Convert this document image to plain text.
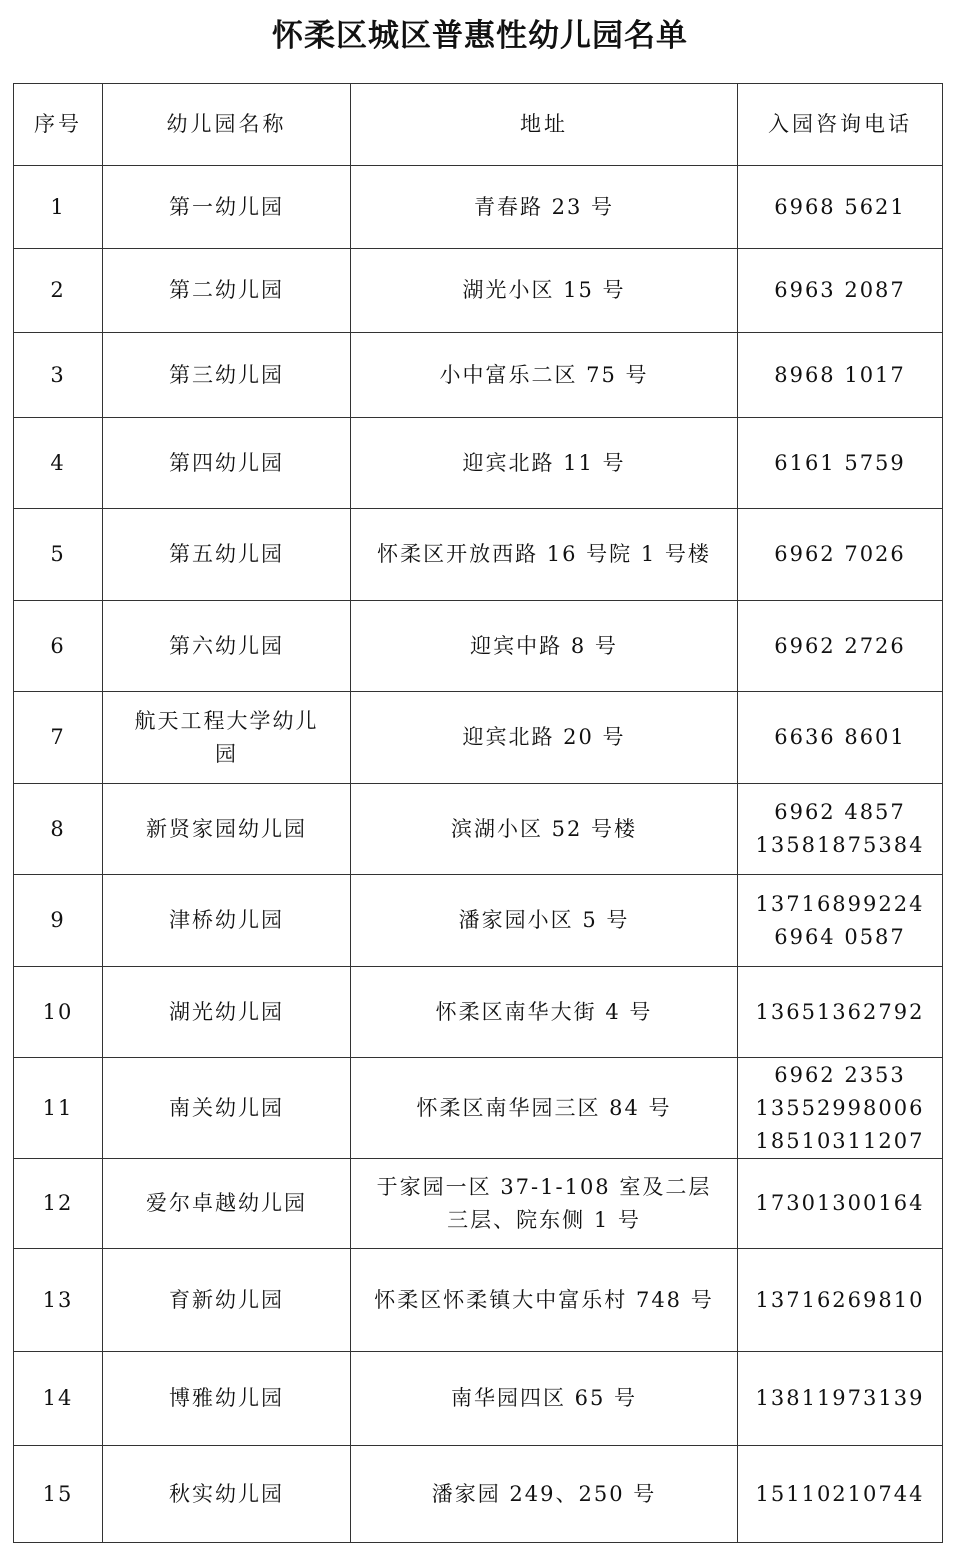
怀柔区城区普惠性幼儿园名单
序号	幼儿园名称	地址	入园咨询电话
1	第一幼儿园	青春路 23 号	6968 5621

2	第二幼儿园	湖光小区 15 号	6963 2087

3	第三幼儿园	小中富乐二区 75 号	8968 1017

4	第四幼儿园	迎宾北路 11 号	6161 5759

5	第五幼儿园	怀柔区开放西路 16 号院 1 号楼	6962 7026

6	第六幼儿园	迎宾中路 8 号	6962 2726

7	航天工程大学幼儿
园	迎宾北路 20 号	6636 8601

8	新贤家园幼儿园	滨湖小区 52 号楼	6962 4857
13581875384

9	津桥幼儿园	潘家园小区 5 号	13716899224
6964 0587

10	湖光幼儿园	怀柔区南华大街 4 号	13651362792

11	南关幼儿园	怀柔区南华园三区 84 号	6962 2353
13552998006
18510311207

12	爱尔卓越幼儿园	于家园一区 37-1-108 室及二层
三层、院东侧 1 号	17301300164

13	育新幼儿园	怀柔区怀柔镇大中富乐村 748 号	13716269810

14	博雅幼儿园	南华园四区 65 号	13811973139

15	秋实幼儿园	潘家园 249、250 号	15110210744
